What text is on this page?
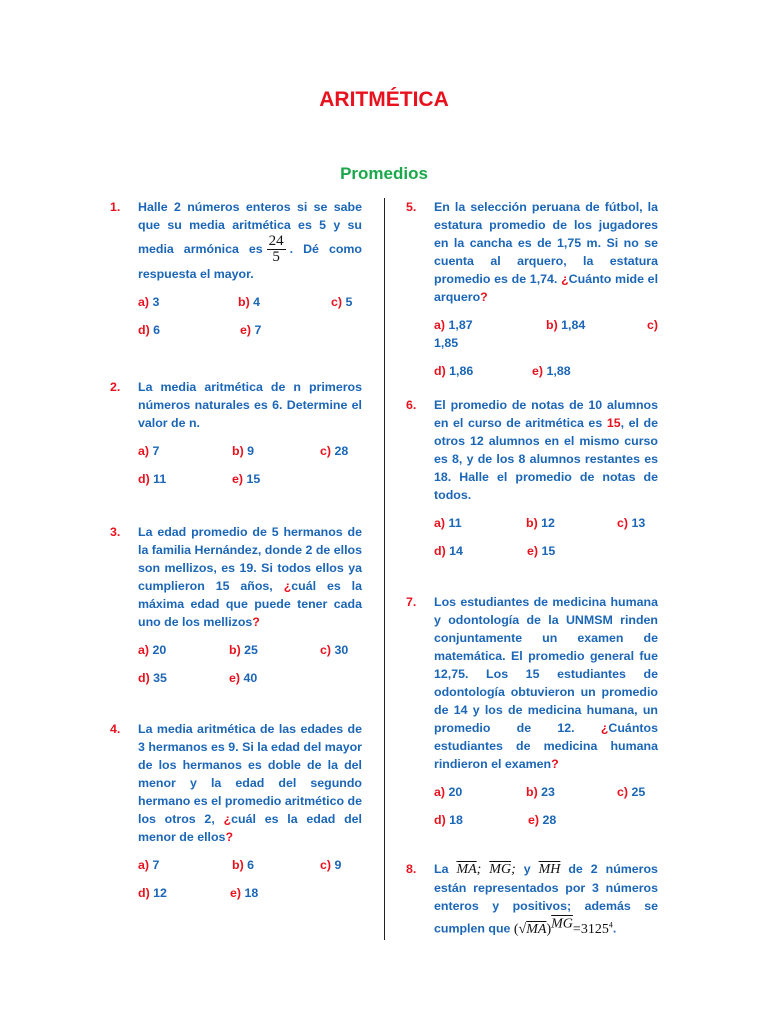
ARITMÉTICA
Promedios
1. Halle 2 números enteros si se sabe que su media aritmética es 5 y su media armónica es $\frac{24}{5}$ . Dé como respuesta el mayor.
a) 3	b) 4	c) 5
d) 6	e) 7
2. La media aritmética de n primeros números naturales es 6. Determine el valor de n.
a) 7	b) 9	c) 28
d) 11	e) 15
3. La edad promedio de 5 hermanos de la familia Hernández, donde 2 de ellos son mellizos, es 19. Si todos ellos ya cumplieron 15 años, ¿cuál es la máxima edad que puede tener cada uno de los mellizos?
a) 20	b) 25	c) 30
d) 35	e) 40
4. La media aritmética de las edades de 3 hermanos es 9. Si la edad del mayor de los hermanos es doble de la del menor y la edad del segundo hermano es el promedio aritmético de los otros 2, ¿cuál es la edad del menor de ellos?
a) 7	b) 6	c) 9
d) 12	e) 18
5. En la selección peruana de fútbol, la estatura promedio de los jugadores en la cancha es de 1,75 m. Si no se cuenta al arquero, la estatura promedio es de 1,74. ¿Cuánto mide el arquero?
a) 1,87	b) 1,84	c)
1,85
d) 1,86	e) 1,88
6. El promedio de notas de 10 alumnos en el curso de aritmética es 15, el de otros 12 alumnos en el mismo curso es 8, y de los 8 alumnos restantes es 18. Halle el promedio de notas de todos.
a) 11	b) 12	c) 13
d) 14	e) 15
7. Los estudiantes de medicina humana y odontología de la UNMSM rinden conjuntamente un examen de matemática. El promedio general fue 12,75. Los 15 estudiantes de odontología obtuvieron un promedio de 14 y los de medicina humana, un promedio de 12. ¿Cuántos estudiantes de medicina humana rindieron el examen?
a) 20	b) 23	c) 25
d) 18	e) 28
8. La $\overline{MA}$; $\overline{MG}$; y $\overline{MH}$ de 2 números están representados por 3 números enteros y positivos; además se cumplen que $(√MA)^{\overline{MG}}=3125^4$.
